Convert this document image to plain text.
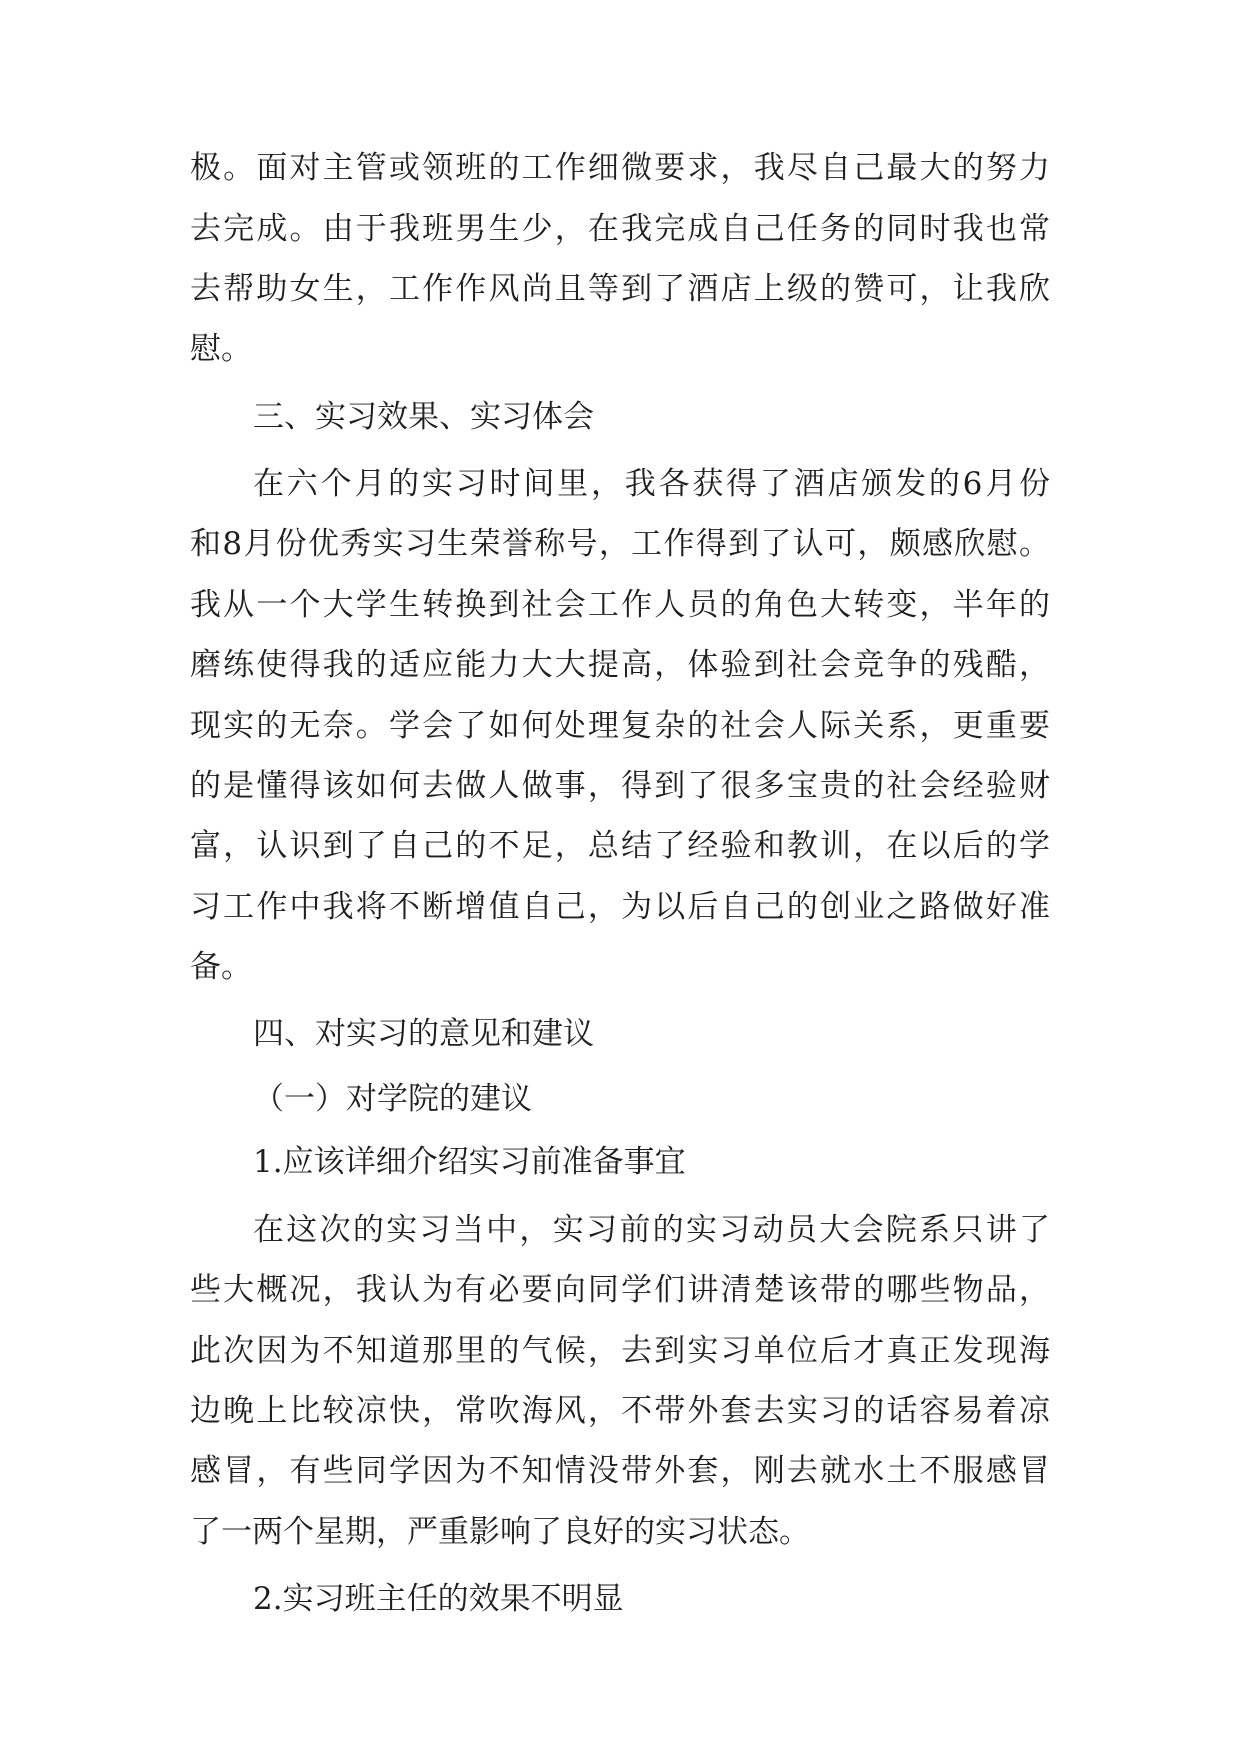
极。面对主管或领班的工作细微要求，我尽自己最大的努力
去完成。由于我班男生少，在我完成自己任务的同时我也常
去帮助女生，工作作风尚且等到了酒店上级的赞可，让我欣
慰。
三、实习效果、实习体会
在六个月的实习时间里，我各获得了酒店颁发的6月份
和8月份优秀实习生荣誉称号，工作得到了认可，颇感欣慰。
我从一个大学生转换到社会工作人员的角色大转变，半年的
磨练使得我的适应能力大大提高，体验到社会竞争的残酷，
现实的无奈。学会了如何处理复杂的社会人际关系，更重要
的是懂得该如何去做人做事，得到了很多宝贵的社会经验财
富，认识到了自己的不足，总结了经验和教训，在以后的学
习工作中我将不断增值自己，为以后自己的创业之路做好准
备。
四、对实习的意见和建议
（一）对学院的建议
1.应该详细介绍实习前准备事宜
在这次的实习当中，实习前的实习动员大会院系只讲了
些大概况，我认为有必要向同学们讲清楚该带的哪些物品，
此次因为不知道那里的气候，去到实习单位后才真正发现海
边晚上比较凉快，常吹海风，不带外套去实习的话容易着凉
感冒，有些同学因为不知情没带外套，刚去就水土不服感冒
了一两个星期，严重影响了良好的实习状态。
2.实习班主任的效果不明显
